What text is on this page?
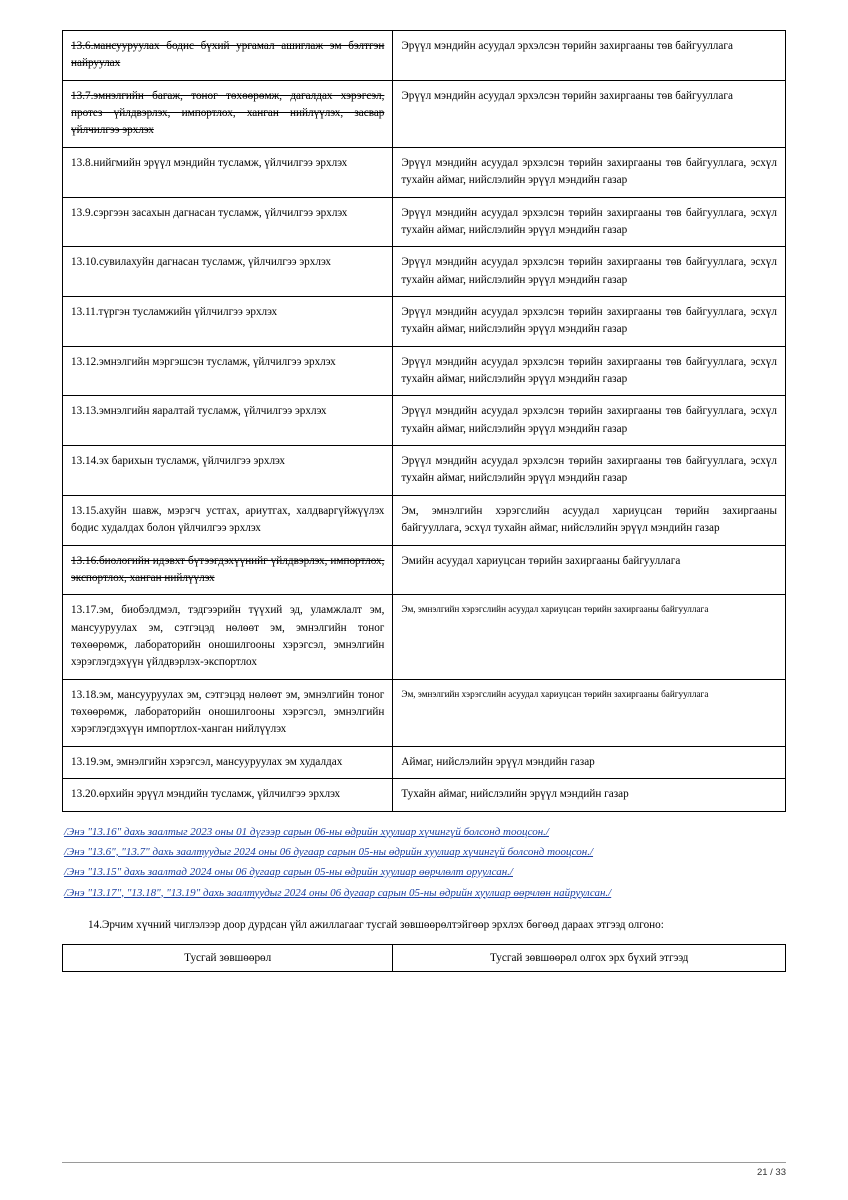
13.6.мансууруулах бодис бүхий ургамал ашиглаж эм бэлтгэн найруулах	Эрүүл мэндийн асуудал эрхэлсэн төрийн захиргааны төв байгууллага
13.7.эмнэлгийн багаж, тоног төхөөрөмж, дагалдах хэрэгсэл, протез үйлдвэрлэх, импортлох, ханган нийлүүлэх, засвар үйлчилгээ эрхлэх	Эрүүл мэндийн асуудал эрхэлсэн төрийн захиргааны төв байгууллага
13.8.нийгмийн эрүүл мэндийн тусламж, үйлчилгээ эрхлэх	Эрүүл мэндийн асуудал эрхэлсэн төрийн захиргааны төв байгууллага, эсхүл тухайн аймаг, нийслэлийн эрүүл мэндийн газар
13.9.сэргээн засахын дагнасан тусламж, үйлчилгээ эрхлэх	Эрүүл мэндийн асуудал эрхэлсэн төрийн захиргааны төв байгууллага, эсхүл тухайн аймаг, нийслэлийн эрүүл мэндийн газар
13.10.сувилахуйн дагнасан тусламж, үйлчилгээ эрхлэх	Эрүүл мэндийн асуудал эрхэлсэн төрийн захиргааны төв байгууллага, эсхүл тухайн аймаг, нийслэлийн эрүүл мэндийн газар
13.11.түргэн тусламжийн үйлчилгээ эрхлэх	Эрүүл мэндийн асуудал эрхэлсэн төрийн захиргааны төв байгууллага, эсхүл тухайн аймаг, нийслэлийн эрүүл мэндийн газар
13.12.эмнэлгийн мэргэшсэн тусламж, үйлчилгээ эрхлэх	Эрүүл мэндийн асуудал эрхэлсэн төрийн захиргааны төв байгууллага, эсхүл тухайн аймаг, нийслэлийн эрүүл мэндийн газар
13.13.эмнэлгийн яаралтай тусламж, үйлчилгээ эрхлэх	Эрүүл мэндийн асуудал эрхэлсэн төрийн захиргааны төв байгууллага, эсхүл тухайн аймаг, нийслэлийн эрүүл мэндийн газар
13.14.эх барихын тусламж, үйлчилгээ эрхлэх	Эрүүл мэндийн асуудал эрхэлсэн төрийн захиргааны төв байгууллага, эсхүл тухайн аймаг, нийслэлийн эрүүл мэндийн газар
13.15.ахуйн шавж, мэрэгч устгах, ариутгах, халдваргүйжүүлэх бодис худалдах болон үйлчилгээ эрхлэх	Эм, эмнэлгийн хэрэгслийн асуудал хариуцсан төрийн захиргааны байгууллага, эсхүл тухайн аймаг, нийслэлийн эрүүл мэндийн газар
13.16.биологийн идэвхт бүтээгдэхүүнийг үйлдвэрлэх, импортлох, экспортлох, ханган нийлүүлэх	Эмийн асуудал хариуцсан төрийн захиргааны байгууллага
13.17.эм, биобэлдмэл, тэдгээрийн түүхий эд, уламжлалт эм, мансууруулах эм, сэтгэцэд нөлөөт эм, эмнэлгийн тоног төхөөрөмж, лабораторийн оношилгооны хэрэгсэл, эмнэлгийн хэрэглэгдэхүүн үйлдвэрлэх-экспортлох	Эм, эмнэлгийн хэрэгслийн асуудал хариуцсан төрийн захиргааны байгууллага
13.18.эм, мансууруулах эм, сэтгэцэд нөлөөт эм, эмнэлгийн тоног төхөөрөмж, лабораторийн оношилгооны хэрэгсэл, эмнэлгийн хэрэглэгдэхүүн импортлох-ханган нийлүүлэх	Эм, эмнэлгийн хэрэгслийн асуудал хариуцсан төрийн захиргааны байгууллага
13.19.эм, эмнэлгийн хэрэгсэл, мансууруулах эм худалдах	Аймаг, нийслэлийн эрүүл мэндийн газар
13.20.өрхийн эрүүл мэндийн тусламж, үйлчилгээ эрхлэх	Тухайн аймаг, нийслэлийн эрүүл мэндийн газар
/Энэ "13.16" дахь заалтыг 2023 оны 01 дүгээр сарын 06-ны өдрийн хуулиар хүчингүй болсонд тооцсон./
/Энэ "13.6", "13.7" дахь заалтуудыг 2024 оны 06 дугаар сарын 05-ны өдрийн хуулиар хүчингүй болсонд тооцсон./
/Энэ "13.15" дахь заалтад 2024 оны 06 дугаар сарын 05-ны өдрийн хуулиар өөрчлөлт оруулсан./
/Энэ "13.17", "13.18", "13.19" дахь заалтуудыг 2024 оны 06 дугаар сарын 05-ны өдрийн хуулиар өөрчлөн найруулсан./
14.Эрчим хүчний чиглэлээр доор дурдсан үйл ажиллагааг тусгай зөвшөөрөлтэйгөөр эрхлэх бөгөөд дараах этгээд олгоно:
Тусгай зөвшөөрөл	Тусгай зөвшөөрөл олгох эрх бүхий этгээд
21 / 33
